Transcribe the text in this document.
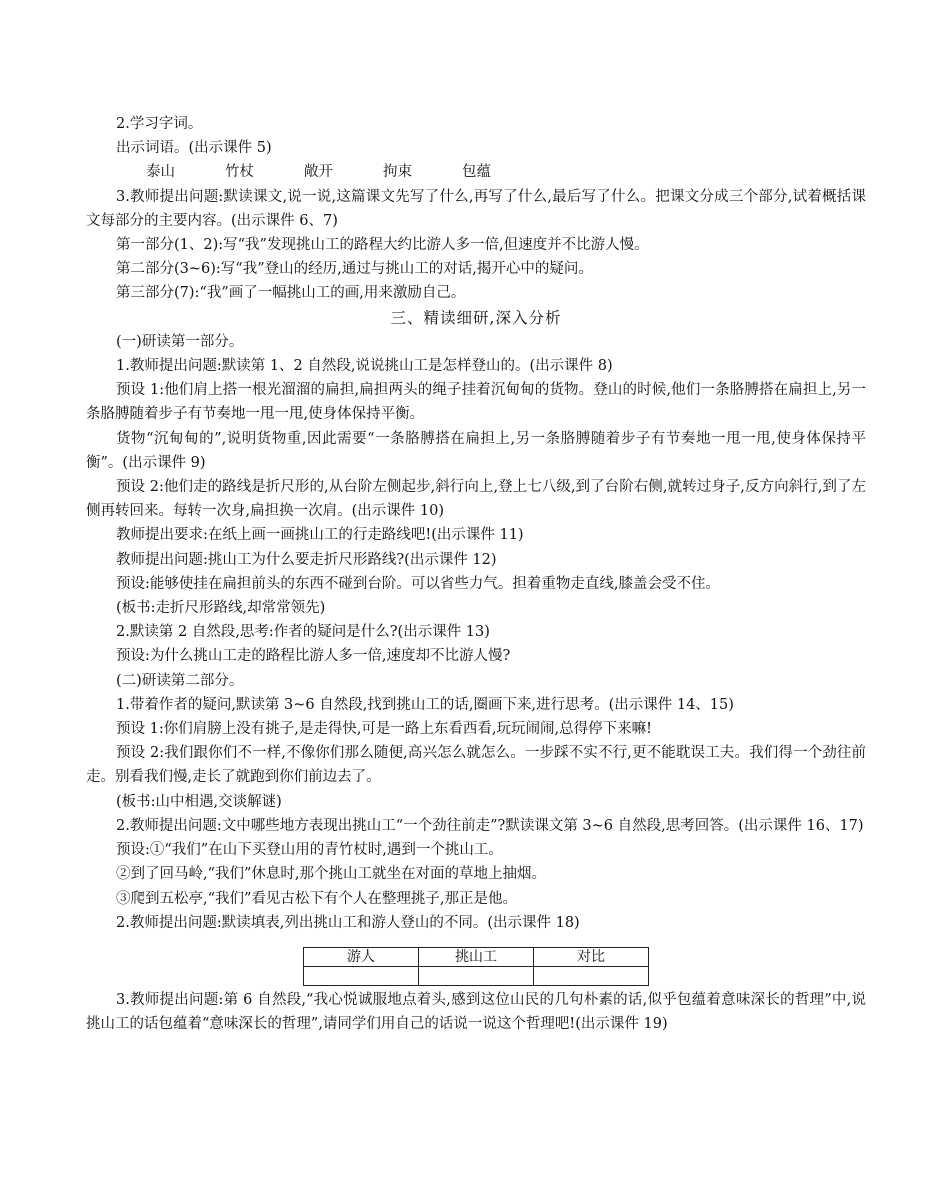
2.学习字词。

出示词语。(出示课件 5)

泰山	竹杖	敞开	拘束	包蕴

3.教师提出问题:默读课文,说一说,这篇课文先写了什么,再写了什么,最后写了什么。把课文分成三个部分,试着概括课文每部分的主要内容。(出示课件 6、7)

第一部分(1、2):写“我”发现挑山工的路程大约比游人多一倍,但速度并不比游人慢。

第二部分(3~6):写“我”登山的经历,通过与挑山工的对话,揭开心中的疑问。

第三部分(7):“我”画了一幅挑山工的画,用来激励自己。

三、精读细研,深入分析

(一)研读第一部分。

1.教师提出问题:默读第 1、2 自然段,说说挑山工是怎样登山的。(出示课件 8)

预设 1:他们肩上搭一根光溜溜的扁担,扁担两头的绳子挂着沉甸甸的货物。登山的时候,他们一条胳膊搭在扁担上,另一条胳膊随着步子有节奏地一甩一甩,使身体保持平衡。

货物“沉甸甸的”,说明货物重,因此需要“一条胳膊搭在扁担上,另一条胳膊随着步子有节奏地一甩一甩,使身体保持平衡”。(出示课件 9)

预设 2:他们走的路线是折尺形的,从台阶左侧起步,斜行向上,登上七八级,到了台阶右侧,就转过身子,反方向斜行,到了左侧再转回来。每转一次身,扁担换一次肩。(出示课件 10)

教师提出要求:在纸上画一画挑山工的行走路线吧!(出示课件 11)

教师提出问题:挑山工为什么要走折尺形路线?(出示课件 12)

预设:能够使挂在扁担前头的东西不碰到台阶。可以省些力气。担着重物走直线,膝盖会受不住。

(板书:走折尺形路线,却常常领先)

2.默读第 2 自然段,思考:作者的疑问是什么?(出示课件 13)

预设:为什么挑山工走的路程比游人多一倍,速度却不比游人慢?

(二)研读第二部分。

1.带着作者的疑问,默读第 3~6 自然段,找到挑山工的话,圈画下来,进行思考。(出示课件 14、15)

预设 1:你们肩膀上没有挑子,是走得快,可是一路上东看西看,玩玩闹闹,总得停下来嘛!

预设 2:我们跟你们不一样,不像你们那么随便,高兴怎么就怎么。一步踩不实不行,更不能耽误工夫。我们得一个劲往前走。别看我们慢,走长了就跑到你们前边去了。

(板书:山中相遇,交谈解谜)

2.教师提出问题:文中哪些地方表现出挑山工“一个劲往前走”?默读课文第 3~6 自然段,思考回答。(出示课件 16、17)

预设:①“我们”在山下买登山用的青竹杖时,遇到一个挑山工。

②到了回马岭,“我们”休息时,那个挑山工就坐在对面的草地上抽烟。

③爬到五松亭,“我们”看见古松下有个人在整理挑子,那正是他。

2.教师提出问题:默读填表,列出挑山工和游人登山的不同。(出示课件 18)

游人	挑山工	对比

3.教师提出问题:第 6 自然段,“我心悦诚服地点着头,感到这位山民的几句朴素的话,似乎包蕴着意味深长的哲理”中,说挑山工的话包蕴着“意味深长的哲理”,请同学们用自己的话说一说这个哲理吧!(出示课件 19)
